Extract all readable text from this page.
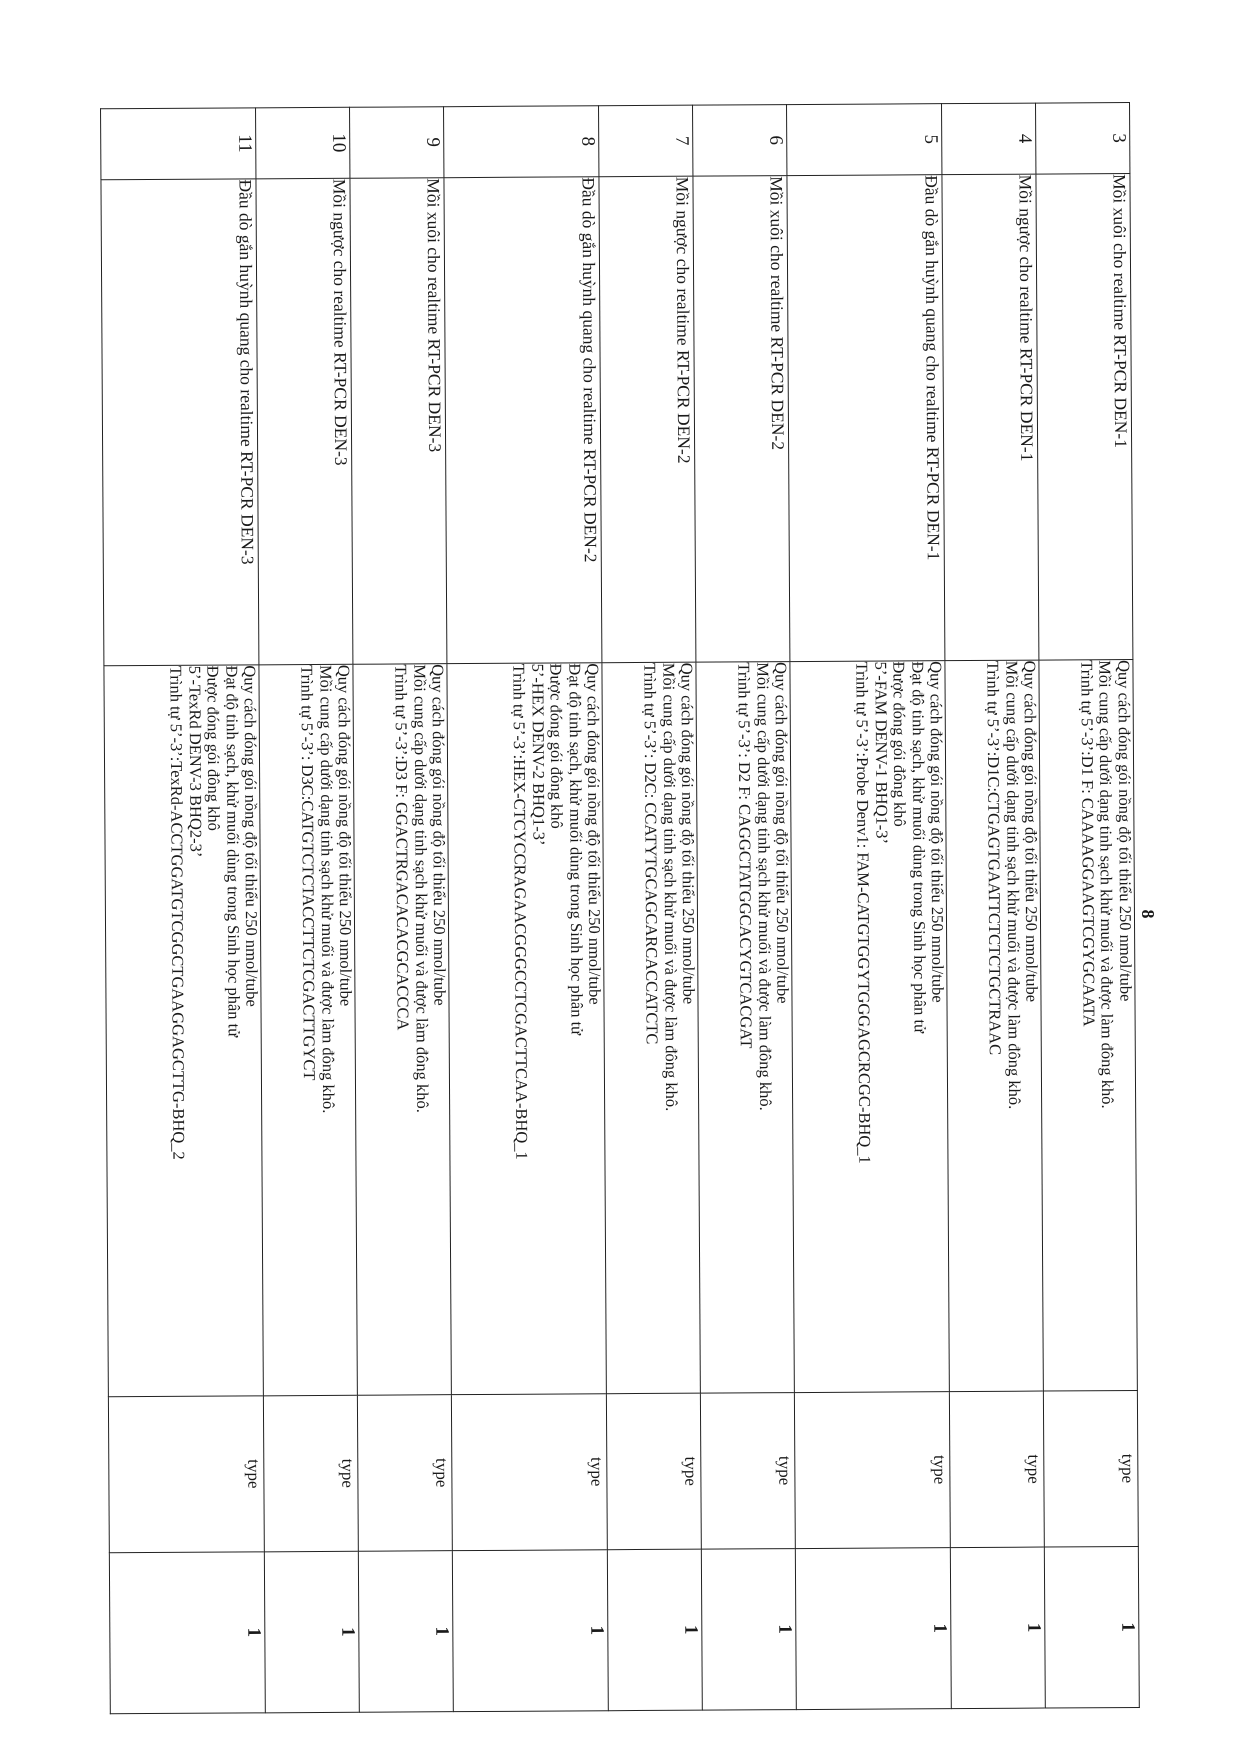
8
3	Mồi xuôi cho realtime RT-PCR DEN-1	Quy cách đóng gói nồng độ tối thiểu 250 nmol/tube
Mồi cung cấp dưới dạng tinh sạch khử muối và được làm đông khô.
Trình tự 5’-3’:D1 F: CAAAAGGAAGTCGYGCAATA	type	1
4	Mồi ngược cho realtime RT-PCR DEN-1	Quy cách đóng gói nồng độ tối thiểu 250 nmol/tube
Mồi cung cấp dưới dạng tinh sạch khử muối và được làm đông khô.
Trình tự 5’-3’:D1C:CTGAGTGAATTCTCTCTGCTRAAC	type	1
5	Đầu dò gắn huỳnh quang cho realtime RT-PCR DEN-1	Quy cách đóng gói nồng độ tối thiểu 250 nmol/tube
Đạt độ tinh sạch, khử muối dùng trong Sinh học phân tử
Được đóng gói đông khô
5’-FAM DENV-1 BHQ1-3’
Trình tự 5’-3’:Probe Denv1: FAM-CATGTGGYTGGGAGCRCGC-BHQ_1	type	1
6	Mồi xuôi cho realtime RT-PCR DEN-2	Quy cách đóng gói nồng độ tối thiểu 250 nmol/tube
Mồi cung cấp dưới dạng tinh sạch khử muối và được làm đông khô.
Trình tự 5’-3’: D2 F: CAGGCTATGGCACYGTCACGAT	type	1
7	Mồi ngược cho realtime RT-PCR DEN-2	Quy cách đóng gói nồng độ tối thiểu 250 nmol/tube
Mồi cung cấp dưới dạng tinh sạch khử muối và được làm đông khô.
Trình tự 5’-3’: D2C: CCATYTGCAGCARCACCATCTC	type	1
8	Đầu dò gắn huỳnh quang cho realtime RT-PCR DEN-2	Quy cách đóng gói nồng độ tối thiểu 250 nmol/tube
Đạt độ tinh sạch, khử muối dùng trong Sinh học phân tử
Được đóng gói đông khô
5’-HEX DENV-2 BHQ1-3’
Trình tự 5’-3’:HEX-CTCYCCRAGAACGGGCCTCGACTTCAA-BHQ_1	type	1
9	Mồi xuôi cho realtime RT-PCR DEN-3	Quy cách đóng gói nồng độ tối thiểu 250 nmol/tube
Mồi cung cấp dưới dạng tinh sạch khử muối và được làm đông khô.
Trình tự 5’-3’:D3 F: GGACTRGACACACGCACCCA	type	1
10	Mồi ngược cho realtime RT-PCR DEN-3	Quy cách đóng gói nồng độ tối thiểu 250 nmol/tube
Mồi cung cấp dưới dạng tinh sạch khử muối và được làm đông khô.
Trình tự 5’-3’: D3C:CATGTCTCTACCTTCTCGACTTGYCT	type	1
11	Đầu dò gắn huỳnh quang cho realtime RT-PCR DEN-3	Quy cách đóng gói nồng độ tối thiểu 250 nmol/tube
Đạt độ tinh sạch, khử muối dùng trong Sinh học phân tử
Được đóng gói đông khô
5’-TexRd DENV-3 BHQ2-3’
Trình tự 5’-3’:TexRd-ACCTGGATGTCGGCTGAAGGAGCTTG-BHQ_2	type	1
